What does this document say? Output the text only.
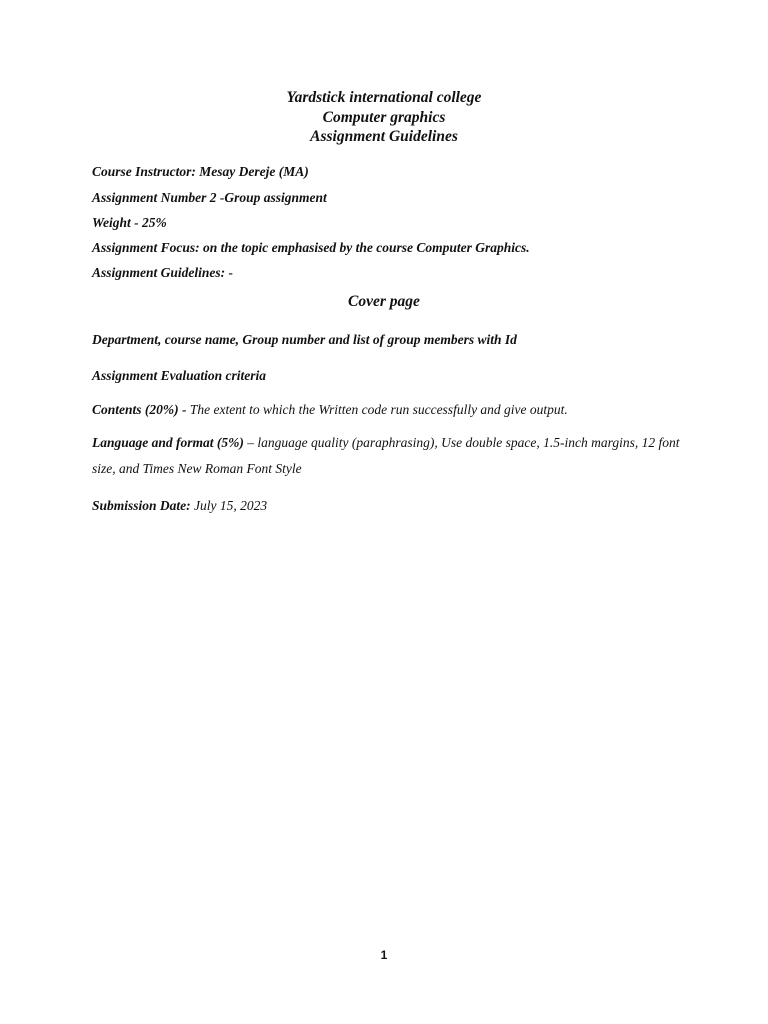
Yardstick international college
Computer graphics
Assignment Guidelines
Course Instructor: Mesay Dereje (MA)
Assignment Number 2 -Group assignment
Weight - 25%
Assignment Focus: on the topic emphasised by the course Computer Graphics.
Assignment Guidelines: -
Cover page
Department, course name, Group number and list of group members with Id
Assignment Evaluation criteria
Contents (20%) - The extent to which the Written code run successfully and give output.
Language and format (5%) – language quality (paraphrasing), Use double space, 1.5-inch margins, 12 font size, and Times New Roman Font Style
Submission Date: July 15, 2023
1
